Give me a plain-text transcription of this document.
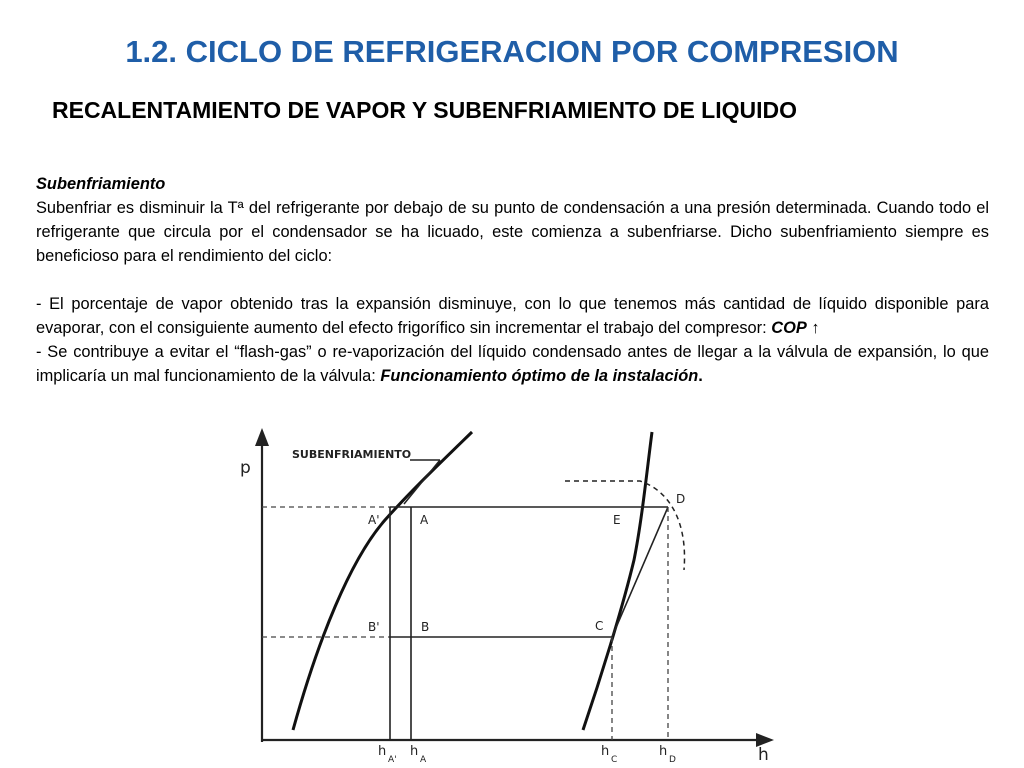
1.2. CICLO DE REFRIGERACION POR COMPRESION
RECALENTAMIENTO DE VAPOR Y SUBENFRIAMIENTO DE LIQUIDO

Subenfriamiento

Subenfriar es disminuir la Tª del refrigerante por debajo de su punto de condensación a una presión determinada. Cuando todo el refrigerante que circula por el condensador se ha licuado, este comienza a subenfriarse. Dicho subenfriamiento siempre es beneficioso para el rendimiento del ciclo:

- El porcentaje de vapor obtenido tras la expansión disminuye, con lo que tenemos más cantidad de líquido disponible para evaporar, con el consiguiente aumento del efecto frigorífico sin incrementar el trabajo del compresor: COP ↑

- Se contribuye a evitar el “flash-gas” o re-vaporización del líquido condensado antes de llegar a la válvula de expansión, lo que implicaría un mal funcionamiento de la válvula: Funcionamiento óptimo de la instalación.

p
h
SUBENFRIAMIENTO
A'	A
B'	B	C
D
E
h
A'
h
A
h
C
h
D
